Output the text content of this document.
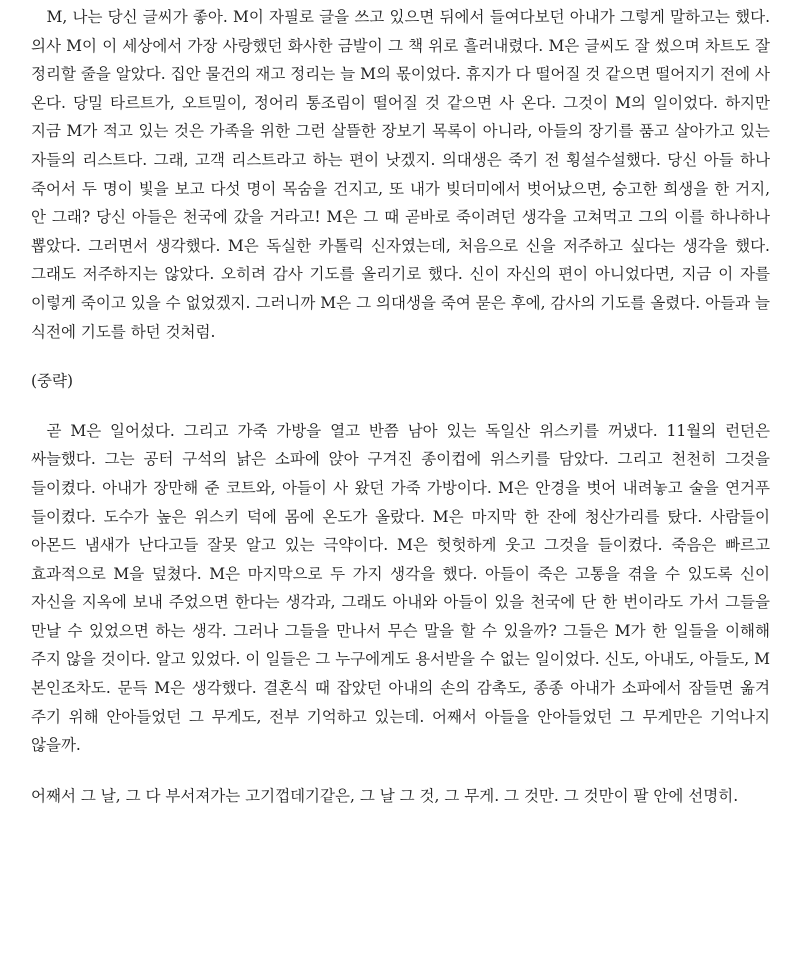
M, 나는 당신 글씨가 좋아. M이 자필로 글을 쓰고 있으면 뒤에서 들여다보던 아내가 그렇게 말하고는 했다. 의사 M이 이 세상에서 가장 사랑했던 화사한 금발이 그 책 위로 흘러내렸다. M은 글씨도 잘 썼으며 차트도 잘 정리할 줄을 알았다. 집안 물건의 재고 정리는 늘 M의 몫이었다. 휴지가 다 떨어질 것 같으면 떨어지기 전에 사 온다. 당밀 타르트가, 오트밀이, 정어리 통조림이 떨어질 것 같으면 사 온다. 그것이 M의 일이었다. 하지만 지금 M가 적고 있는 것은 가족을 위한 그런 살뜰한 장보기 목록이 아니라, 아들의 장기를 품고 살아가고 있는 자들의 리스트다. 그래, 고객 리스트라고 하는 편이 낫겠지. 의대생은 죽기 전 횡설수설했다. 당신 아들 하나 죽어서 두 명이 빛을 보고 다섯 명이 목숨을 건지고, 또 내가 빚더미에서 벗어났으면, 숭고한 희생을 한 거지, 안 그래? 당신 아들은 천국에 갔을 거라고! M은 그 때 곧바로 죽이려던 생각을 고쳐먹고 그의 이를 하나하나 뽑았다. 그러면서 생각했다. M은 독실한 카톨릭 신자였는데, 처음으로 신을 저주하고 싶다는 생각을 했다. 그래도 저주하지는 않았다. 오히려 감사 기도를 올리기로 했다. 신이 자신의 편이 아니었다면, 지금 이 자를 이렇게 죽이고 있을 수 없었겠지. 그러니까 M은 그 의대생을 죽여 묻은 후에, 감사의 기도를 올렸다. 아들과 늘 식전에 기도를 하던 것처럼.

(중략)

곧 M은 일어섰다. 그리고 가죽 가방을 열고 반쯤 남아 있는 독일산 위스키를 꺼냈다. 11월의 런던은 싸늘했다. 그는 공터 구석의 낡은 소파에 앉아 구겨진 종이컵에 위스키를 담았다. 그리고 천천히 그것을 들이켰다. 아내가 장만해 준 코트와, 아들이 사 왔던 가죽 가방이다. M은 안경을 벗어 내려놓고 술을 연거푸 들이켰다. 도수가 높은 위스키 덕에 몸에 온도가 올랐다. M은 마지막 한 잔에 청산가리를 탔다. 사람들이 아몬드 냄새가 난다고들 잘못 알고 있는 극약이다. M은 헛헛하게 웃고 그것을 들이켰다. 죽음은 빠르고 효과적으로 M을 덮쳤다. M은 마지막으로 두 가지 생각을 했다. 아들이 죽은 고통을 겪을 수 있도록 신이 자신을 지옥에 보내 주었으면 한다는 생각과, 그래도 아내와 아들이 있을 천국에 단 한 번이라도 가서 그들을 만날 수 있었으면 하는 생각. 그러나 그들을 만나서 무슨 말을 할 수 있을까? 그들은 M가 한 일들을 이해해 주지 않을 것이다. 알고 있었다. 이 일들은 그 누구에게도 용서받을 수 없는 일이었다. 신도, 아내도, 아들도, M 본인조차도. 문득 M은 생각했다. 결혼식 때 잡았던 아내의 손의 감촉도, 종종 아내가 소파에서 잠들면 옮겨 주기 위해 안아들었던 그 무게도, 전부 기억하고 있는데. 어째서 아들을 안아들었던 그 무게만은 기억나지 않을까.

어째서 그 날, 그 다 부서져가는 고기껍데기같은, 그 날 그 것, 그 무게. 그 것만. 그 것만이 팔 안에 선명히.
